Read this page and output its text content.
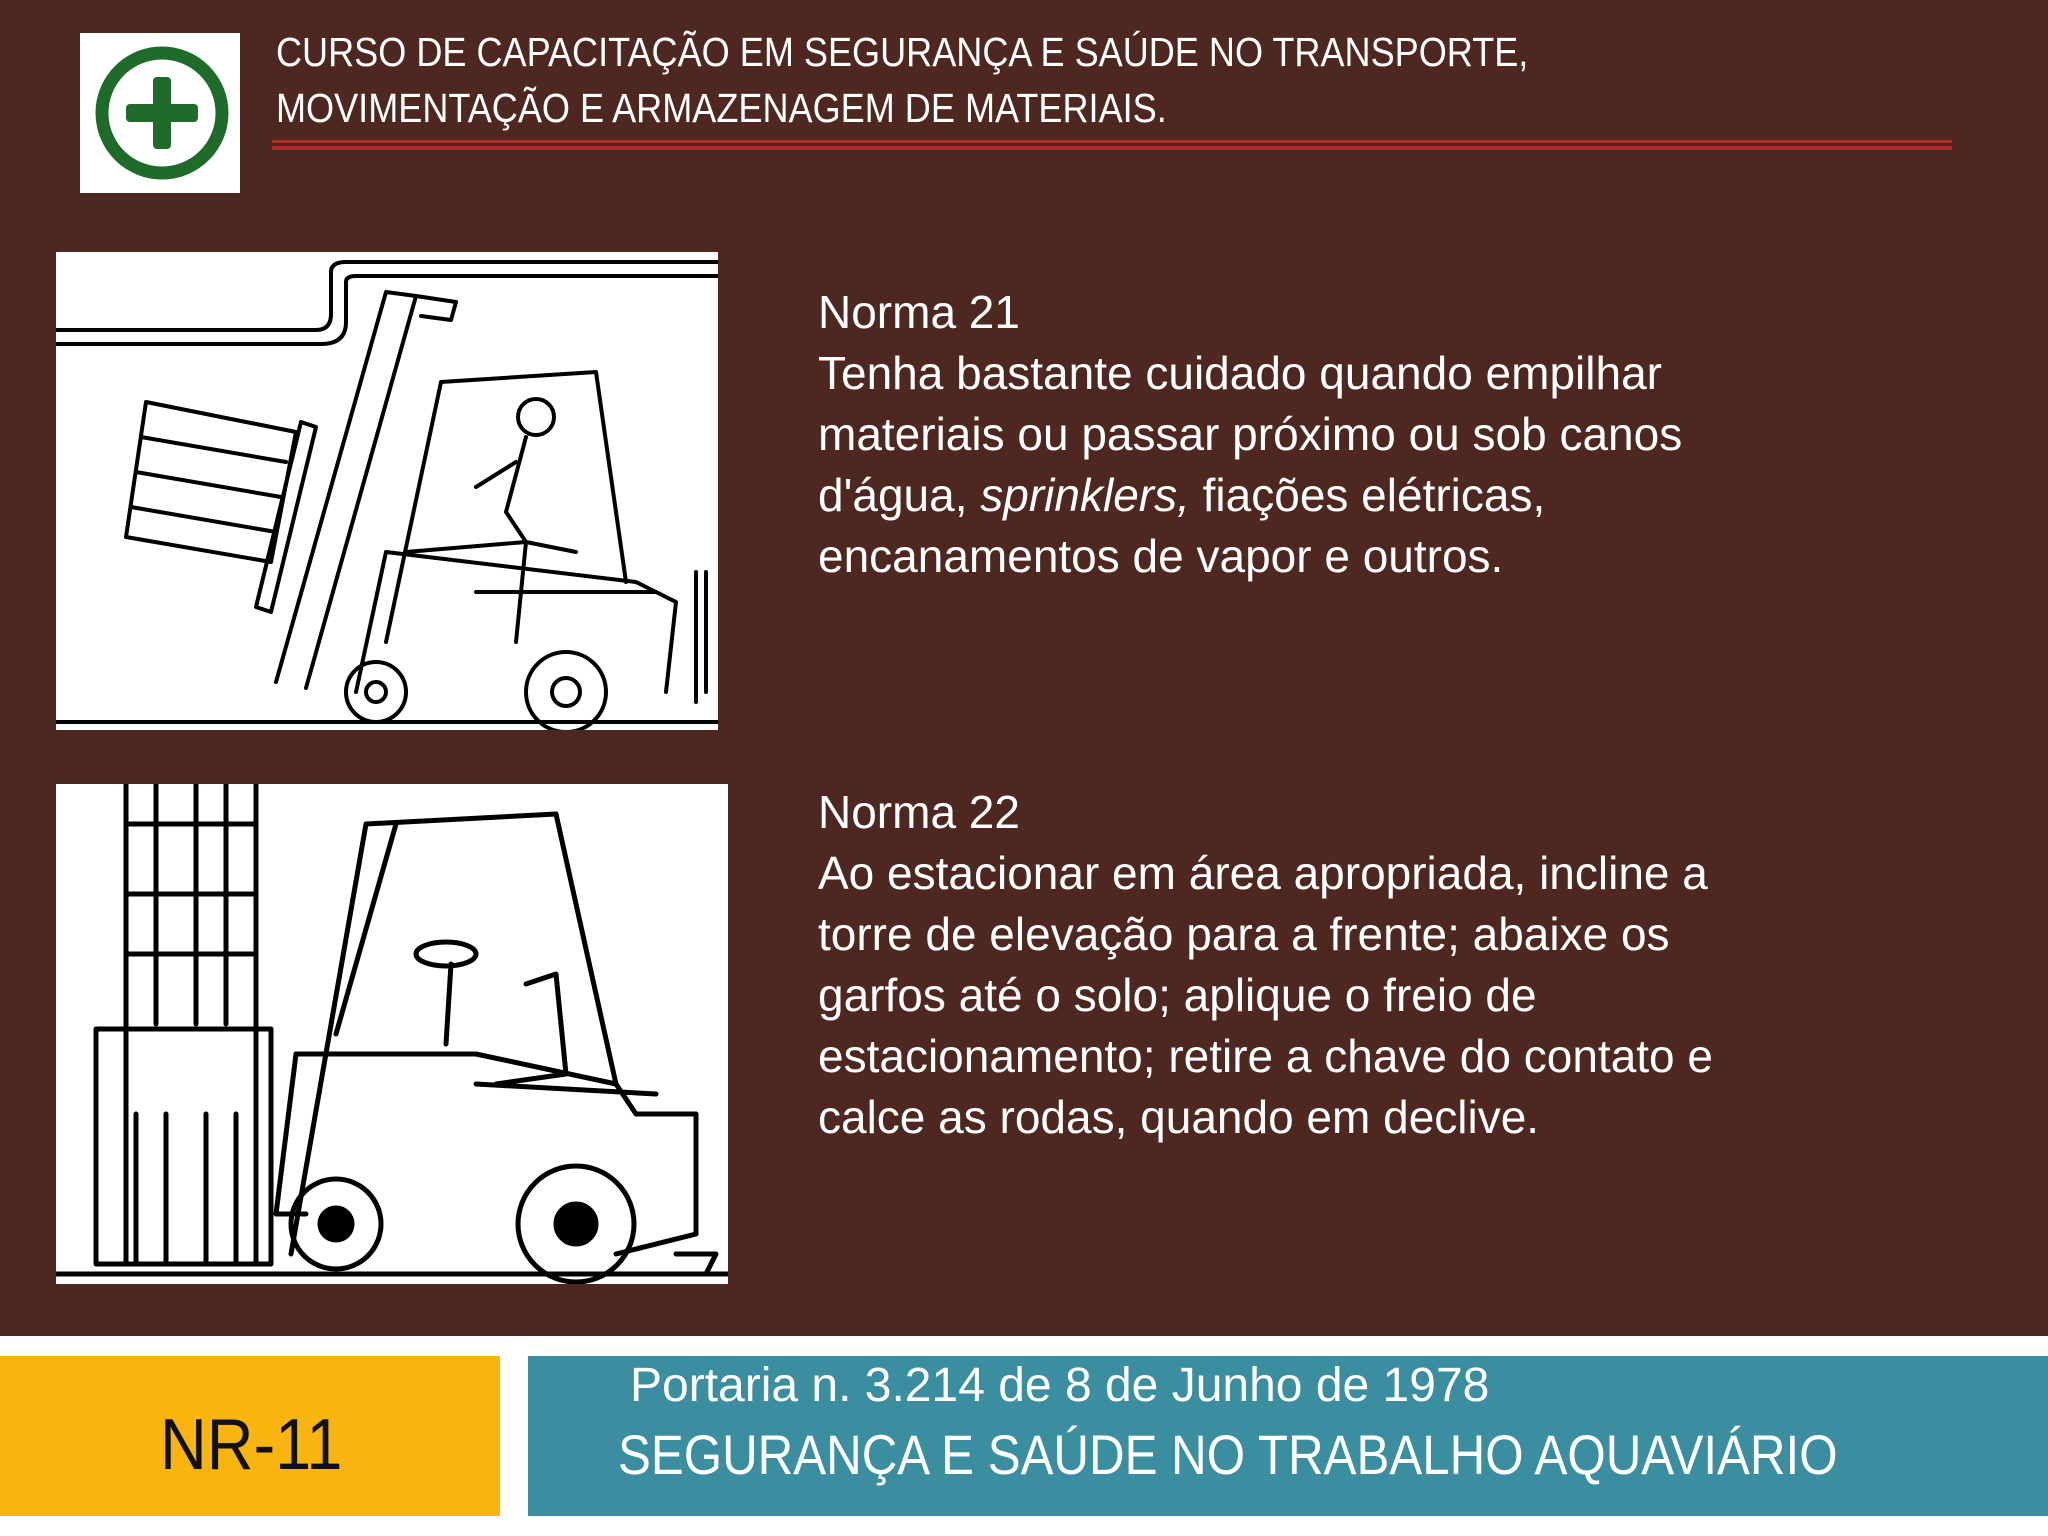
CURSO DE CAPACITAÇÃO EM SEGURANÇA E SAÚDE NO TRANSPORTE, MOVIMENTAÇÃO E ARMAZENAGEM DE MATERIAIS.

Norma 21

Tenha bastante cuidado quando empilhar materiais ou passar próximo ou sob canos d'água, sprinklers, fiações elétricas, encanamentos de vapor e outros.

Norma 22

Ao estacionar em área apropriada, incline a torre de elevação para a frente; abaixe os garfos até o solo; aplique o freio de estacionamento; retire a chave do contato e calce as rodas, quando em declive.

NR-11
Portaria n. 3.214 de 8 de Junho de 1978
SEGURANÇA E SAÚDE NO TRABALHO AQUAVIÁRIO
